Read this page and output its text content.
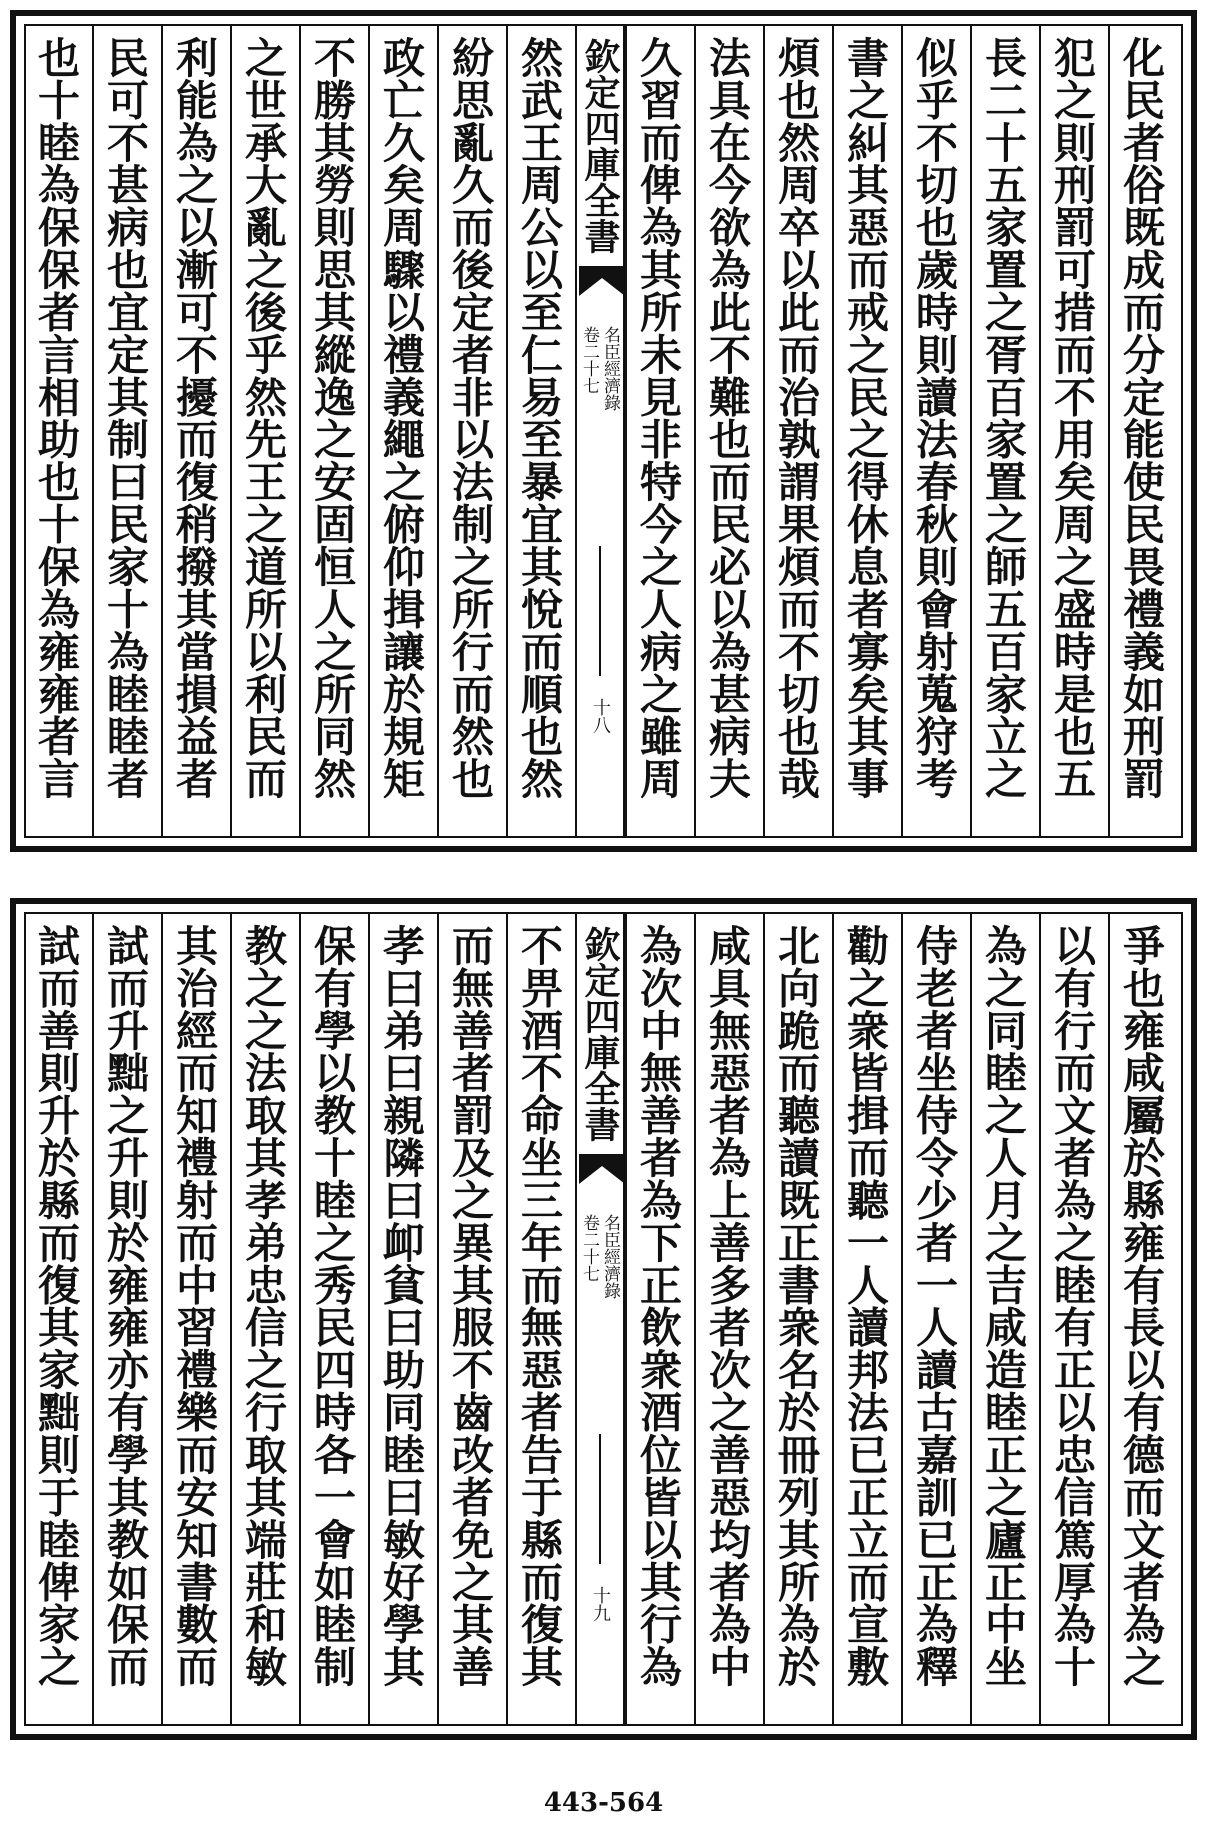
化民者俗既成而分定能使民畏禮義如刑罰
犯之則刑罰可措而不用矣周之盛時是也五
長二十五家置之胥百家置之師五百家立之
似乎不切也歲時則讀法春秋則會射蒐狩考
書之糾其惡而戒之民之得休息者寡矣其事
煩也然周卒以此而治孰謂果煩而不切也哉
法具在今欲為此不難也而民必以為甚病夫
久習而俾為其所未見非特今之人病之雖周
然武王周公以至仁易至暴宜其悅而順也然
紛思亂久而後定者非以法制之所行而然也
政亡久矣周驟以禮義繩之俯仰揖讓於規矩
不勝其勞則思其縱逸之安固恒人之所同然
之世承大亂之後乎然先王之道所以利民而
利能為之以漸可不擾而復稍撥其當損益者
民可不甚病也宜定其制曰民家十為睦睦者
也十睦為保保者言相助也十保為雍雍者言
欽定四庫全書
名臣經濟錄
卷二十七
十八
爭也雍咸屬於縣雍有長以有德而文者為之
以有行而文者為之睦有正以忠信篤厚為十
為之同睦之人月之吉咸造睦正之廬正中坐
侍老者坐侍令少者一人讀古嘉訓已正為釋
勸之衆皆揖而聽一人讀邦法已正立而宣敷
北向跪而聽讀既正書衆名於冊列其所為於
咸具無惡者為上善多者次之善惡均者為中
為次中無善者為下正飲衆酒位皆以其行為
不畀酒不命坐三年而無惡者告于縣而復其
而無善者罰及之異其服不齒改者免之其善
孝曰弟曰親隣曰卹貧曰助同睦曰敏好學其
保有學以教十睦之秀民四時各一會如睦制
教之之法取其孝弟忠信之行取其端莊和敏
其治經而知禮射而中習禮樂而安知書數而
試而升黜之升則於雍雍亦有學其教如保而
試而善則升於縣而復其家黜則于睦俾家之
欽定四庫全書
名臣經濟錄
卷二十七
十九
443-564
